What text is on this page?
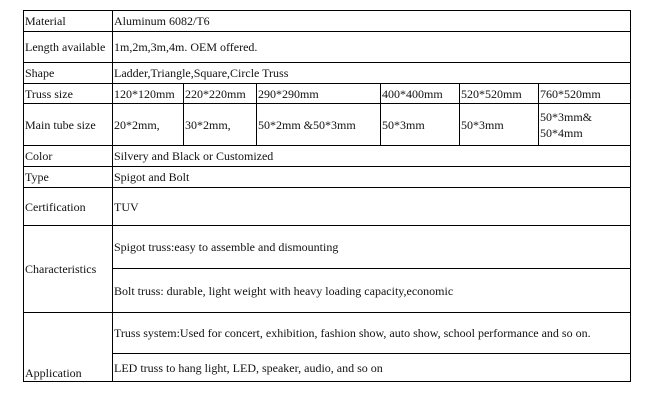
Material	Aluminum 6082/T6					
Length available	1m,2m,3m,4m. OEM offered.					
Shape	Ladder,Triangle,Square,Circle Truss					
Truss size	120*120mm	220*220mm	290*290mm	400*400mm	520*520mm	760*520mm
Main tube size	20*2mm,	30*2mm,	50*2mm &50*3mm	50*3mm	50*3mm	50*3mm& 50*4mm
Color	Silvery and Black or Customized					
Type	Spigot and Bolt					
Certification	TUV					
Characteristics	Spigot truss:easy to assemble and dismounting					
	Bolt truss: durable, light weight with heavy loading capacity,economic					
Application	Truss system:Used for concert, exhibition, fashion show, auto show, school performance and so on.					
	LED truss to hang light, LED, speaker, audio, and so on					
